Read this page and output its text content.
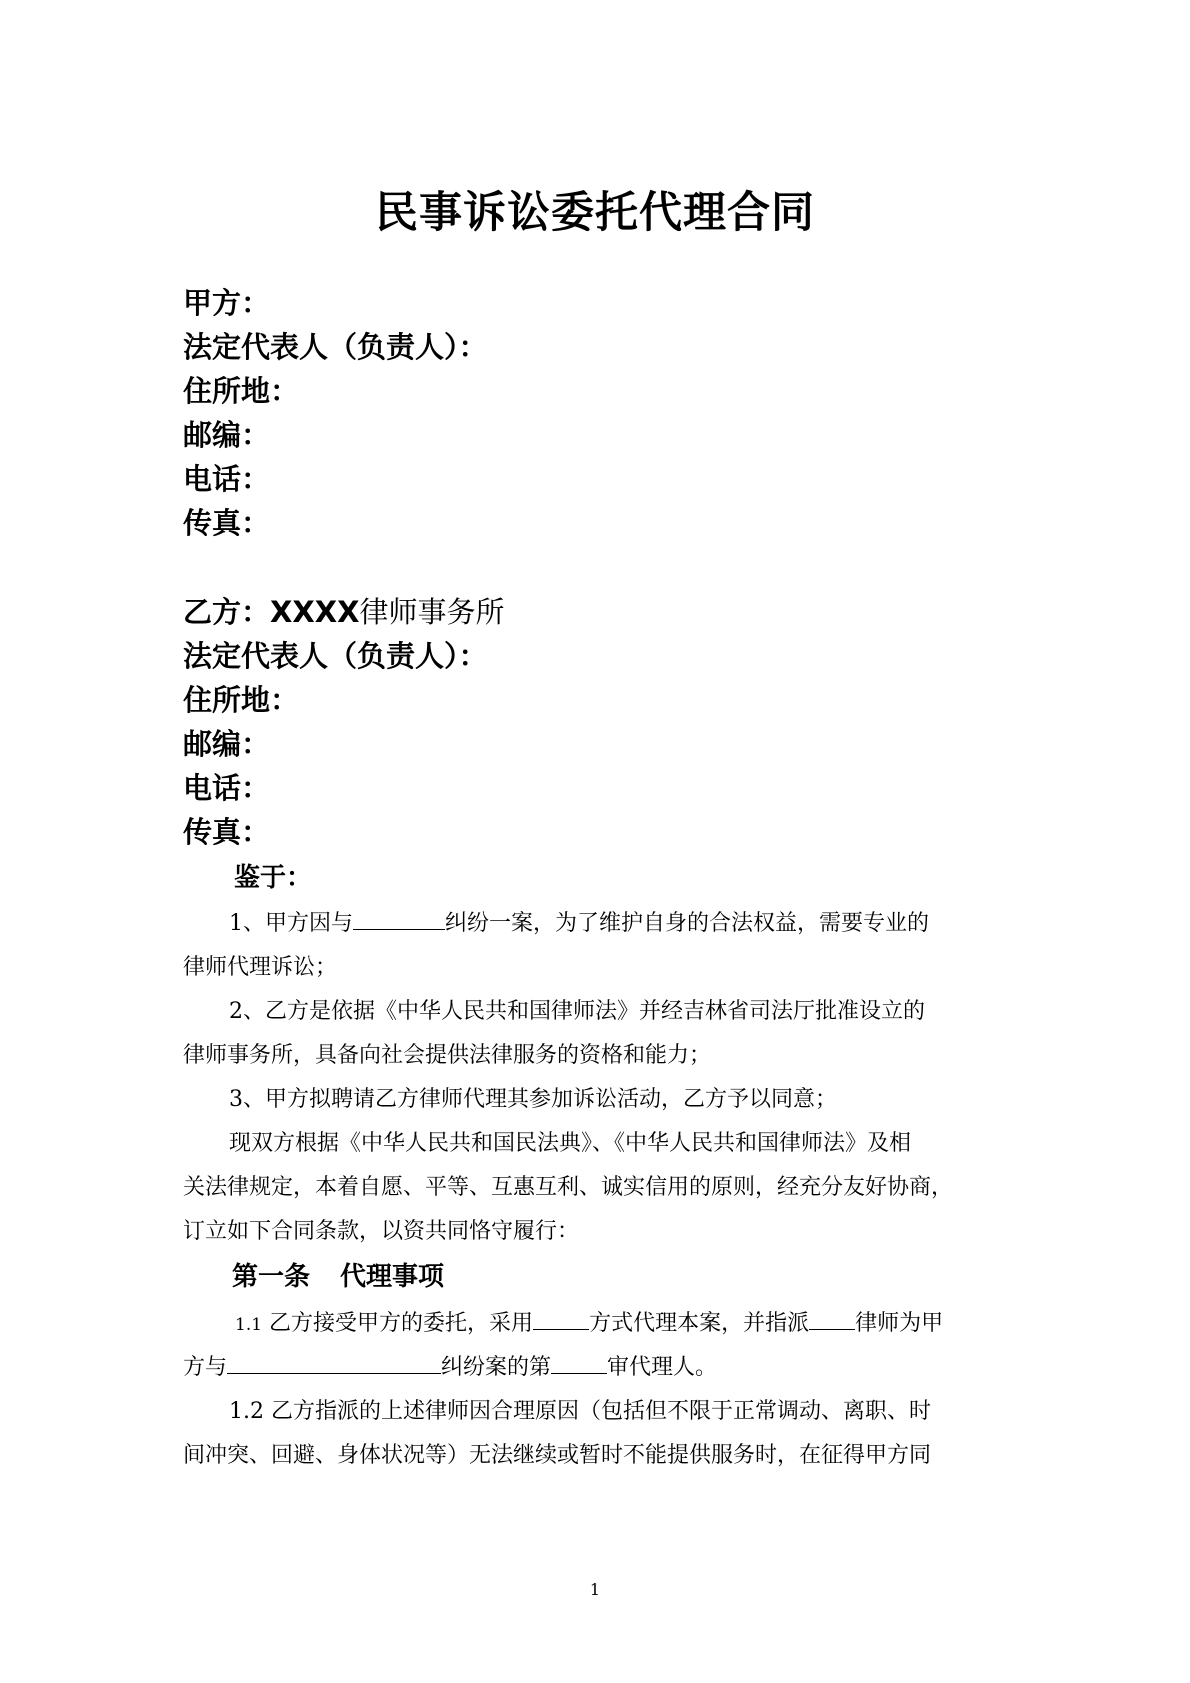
民事诉讼委托代理合同
甲方：
法定代表人（负责人）：
住所地：
邮编：
电话：
传真：
乙方：XXXX律师事务所
法定代表人（负责人）：
住所地：
邮编：
电话：
传真：
鉴于：
1、甲方因与	纠纷一案，为了维护自身的合法权益，需要专业的
律师代理诉讼；
2、乙方是依据《中华人民共和国律师法》并经吉林省司法厅批准设立的
律师事务所，具备向社会提供法律服务的资格和能力；
3、甲方拟聘请乙方律师代理其参加诉讼活动，乙方予以同意；
现双方根据《中华人民共和国民法典》、《中华人民共和国律师法》及相
关法律规定，本着自愿、平等、互惠互利、诚实信用的原则，经充分友好协商，
订立如下合同条款，以资共同恪守履行：
第一条 代理事项
1.1 乙方接受甲方的委托，采用	方式代理本案，并指派 律师为甲
方与	纠纷案的第	审代理人。
1.2 乙方指派的上述律师因合理原因（包括但不限于正常调动、离职、时
间冲突、回避、身体状况等）无法继续或暂时不能提供服务时，在征得甲方同
1
